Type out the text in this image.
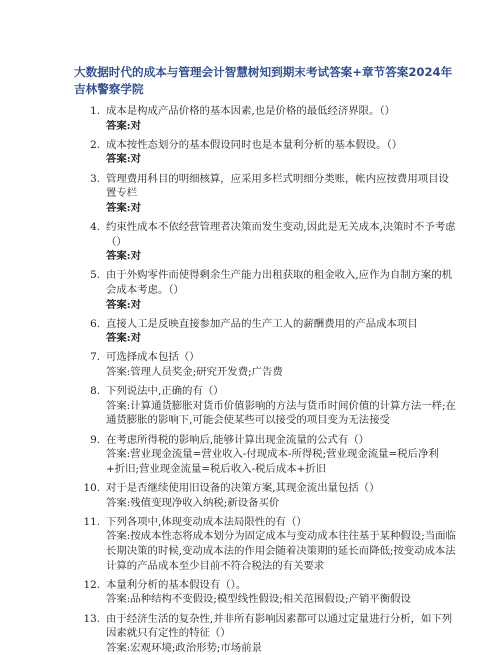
大数据时代的成本与管理会计智慧树知到期末考试答案+章节答案2024年吉林警察学院
1. 成本是构成产品价格的基本因素,也是价格的最低经济界限。（）
答案:对
2. 成本按性态划分的基本假设同时也是本量利分析的基本假设。（）
答案:对
3. 管理费用科目的明细核算，应采用多栏式明细分类账，帐内应按费用项目设置专栏
答案:对
4. 约束性成本不依经营管理者决策而发生变动,因此是无关成本,决策时不予考虑（）
答案:对
5. 由于外购零件而使得剩余生产能力出租获取的租金收入,应作为自制方案的机会成本考虑。（）
答案:对
6. 直接人工是反映直接参加产品的生产工人的薪酬费用的产品成本项目
答案:对
7. 可选择成本包括（）
答案:管理人员奖金;研究开发费;广告费
8. 下列说法中,正确的有（）
答案:计算通货膨胀对货币价值影响的方法与货币时间价值的计算方法一样;在通货膨胀的影响下,可能会使某些可以接受的项目变为无法接受
9. 在考虑所得税的影响后,能够计算出现金流量的公式有（）
答案:营业现金流量=营业收入-付现成本-所得税;营业现金流量=税后净利+折旧;营业现金流量=税后收入-税后成本+折旧
10. 对于是否继续使用旧设备的决策方案,其现金流出量包括（）
答案:残值变现净收入纳税;新设备买价
11. 下列各项中,体现变动成本法局限性的有（）
答案:按成本性态将成本划分为固定成本与变动成本往往基于某种假设;当面临长期决策的时候,变动成本法的作用会随着决策期的延长而降低;按变动成本法计算的产品成本至少目前不符合税法的有关要求
12. 本量利分析的基本假设有（）。
答案:品种结构不变假设;模型线性假设;相关范围假设;产销平衡假设
13. 由于经济生活的复杂性,并非所有影响因素都可以通过定量进行分析，如下列因素就只有定性的特征（）
答案:宏观环境;政治形势;市场前景
